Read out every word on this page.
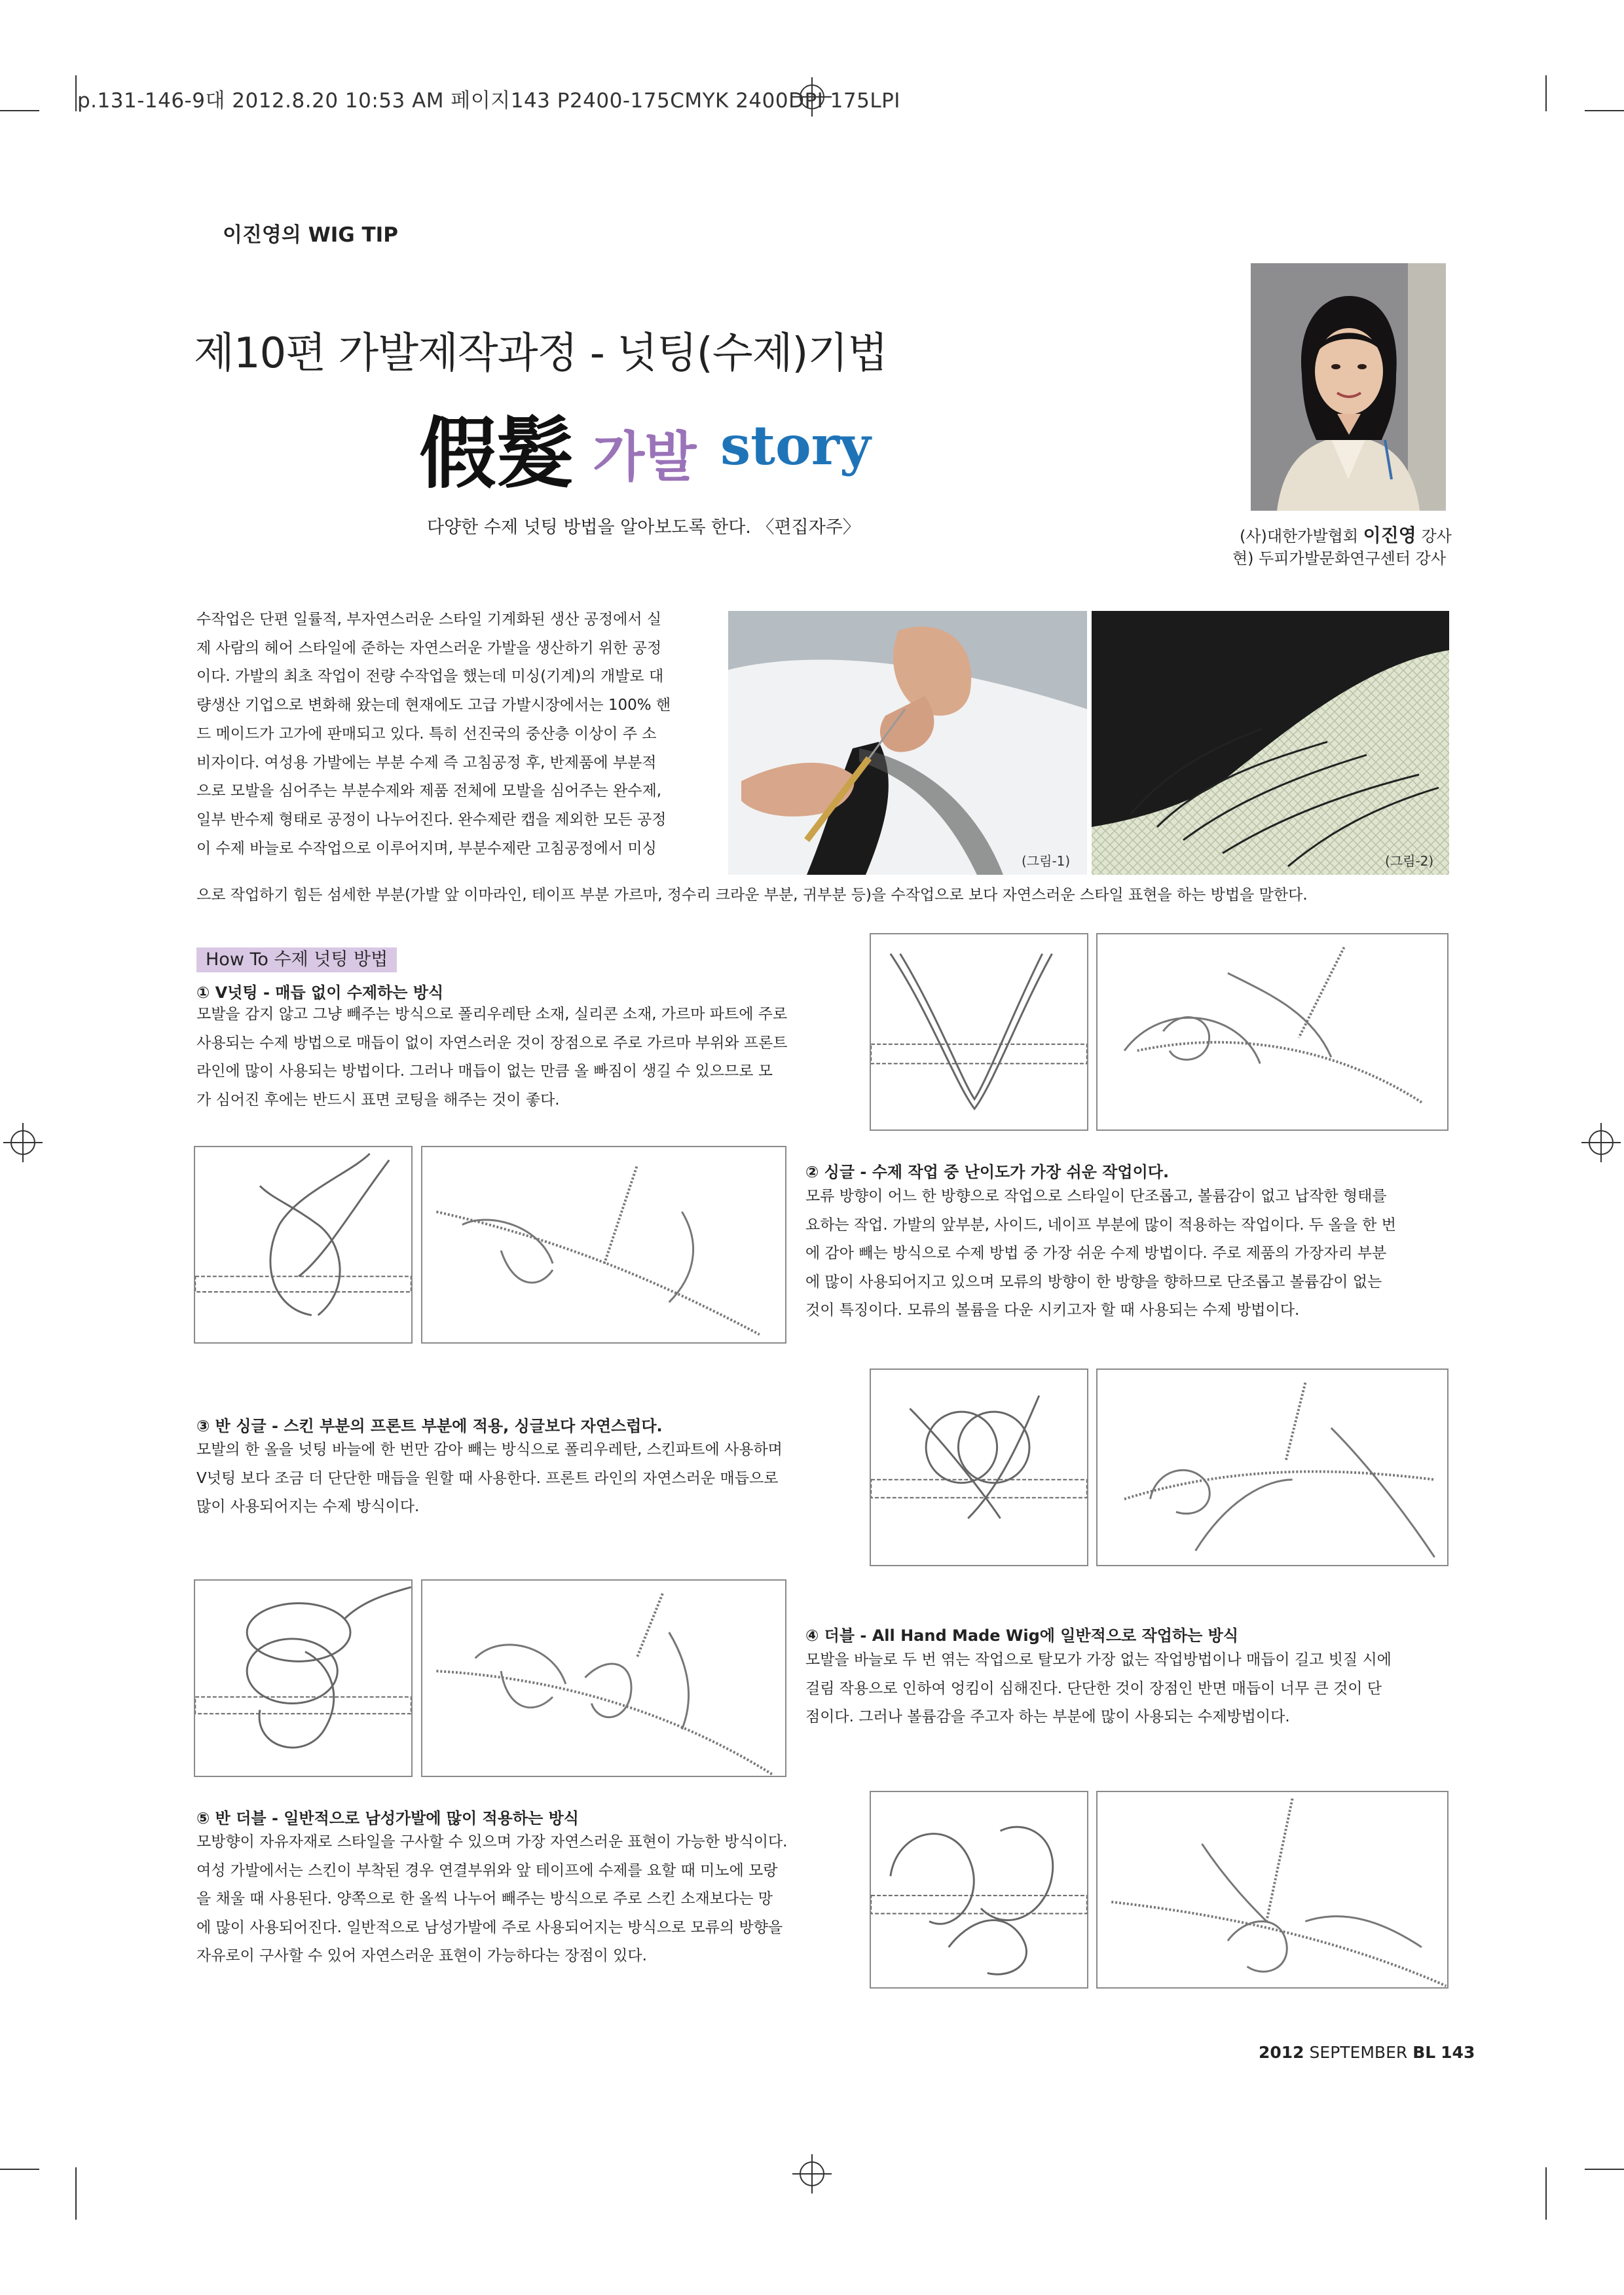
p.131-146-9대 2012.8.20 10:53 AM 페이지143 P2400-175CMYK 2400DPI 175LPI
이진영의 WIG TIP
제10편 가발제작과정 - 넛팅(수제)기법
假髮 가발 story
다양한 수제 넛팅 방법을 알아보도록 한다. 〈편집자주〉	(사)대한가발협회 이진영 강사
현) 두피가발문화연구센터 강사
수작업은 단편 일률적, 부자연스러운 스타일 기계화된 생산 공정에서 실
제 사람의 헤어 스타일에 준하는 자연스러운 가발을 생산하기 위한 공정
이다. 가발의 최초 작업이 전량 수작업을 했는데 미싱(기계)의 개발로 대
량생산 기업으로 변화해 왔는데 현재에도 고급 가발시장에서는 100% 핸
드 메이드가 고가에 판매되고 있다. 특히 선진국의 중산층 이상이 주 소
비자이다. 여성용 가발에는 부분 수제 즉 고침공정 후, 반제품에 부분적
으로 모발을 심어주는 부분수제와 제품 전체에 모발을 심어주는 완수제,
일부 반수제 형태로 공정이 나누어진다. 완수제란 캡을 제외한 모든 공정
이 수제 바늘로 수작업으로 이루어지며, 부분수제란 고침공정에서 미싱
으로 작업하기 힘든 섬세한 부분(가발 앞 이마라인, 테이프 부분 가르마, 정수리 크라운 부분, 귀부분 등)을 수작업으로 보다 자연스러운 스타일 표현을 하는 방법을 말한다.
(그림-1)	(그림-2)
How To 수제 넛팅 방법
① V넛팅 - 매듭 없이 수제하는 방식
모발을 감지 않고 그냥 빼주는 방식으로 폴리우레탄 소재, 실리콘 소재, 가르마 파트에 주로
사용되는 수제 방법으로 매듭이 없이 자연스러운 것이 장점으로 주로 가르마 부위와 프론트
라인에 많이 사용되는 방법이다. 그러나 매듭이 없는 만큼 올 빠짐이 생길 수 있으므로 모
가 심어진 후에는 반드시 표면 코팅을 해주는 것이 좋다.
② 싱글 - 수제 작업 중 난이도가 가장 쉬운 작업이다.
모류 방향이 어느 한 방향으로 작업으로 스타일이 단조롭고, 볼륨감이 없고 납작한 형태를
요하는 작업. 가발의 앞부분, 사이드, 네이프 부분에 많이 적용하는 작업이다. 두 올을 한 번
에 감아 빼는 방식으로 수제 방법 중 가장 쉬운 수제 방법이다. 주로 제품의 가장자리 부분
에 많이 사용되어지고 있으며 모류의 방향이 한 방향을 향하므로 단조롭고 볼륨감이 없는
것이 특징이다. 모류의 볼륨을 다운 시키고자 할 때 사용되는 수제 방법이다.
③ 반 싱글 - 스킨 부분의 프론트 부분에 적용, 싱글보다 자연스럽다.
모발의 한 올을 넛팅 바늘에 한 번만 감아 빼는 방식으로 폴리우레탄, 스킨파트에 사용하며
V넛팅 보다 조금 더 단단한 매듭을 원할 때 사용한다. 프론트 라인의 자연스러운 매듭으로
많이 사용되어지는 수제 방식이다.
④ 더블 - All Hand Made Wig에 일반적으로 작업하는 방식
모발을 바늘로 두 번 엮는 작업으로 탈모가 가장 없는 작업방법이나 매듭이 길고 빗질 시에
걸림 작용으로 인하여 엉킴이 심해진다. 단단한 것이 장점인 반면 매듭이 너무 큰 것이 단
점이다. 그러나 볼륨감을 주고자 하는 부분에 많이 사용되는 수제방법이다.
⑤ 반 더블 - 일반적으로 남성가발에 많이 적용하는 방식
모방향이 자유자재로 스타일을 구사할 수 있으며 가장 자연스러운 표현이 가능한 방식이다.
여성 가발에서는 스킨이 부착된 경우 연결부위와 앞 테이프에 수제를 요할 때 미노에 모랑
을 채울 때 사용된다. 양쪽으로 한 올씩 나누어 빼주는 방식으로 주로 스킨 소재보다는 망
에 많이 사용되어진다. 일반적으로 남성가발에 주로 사용되어지는 방식으로 모류의 방향을
자유로이 구사할 수 있어 자연스러운 표현이 가능하다는 장점이 있다.
2012 SEPTEMBER BL 143
